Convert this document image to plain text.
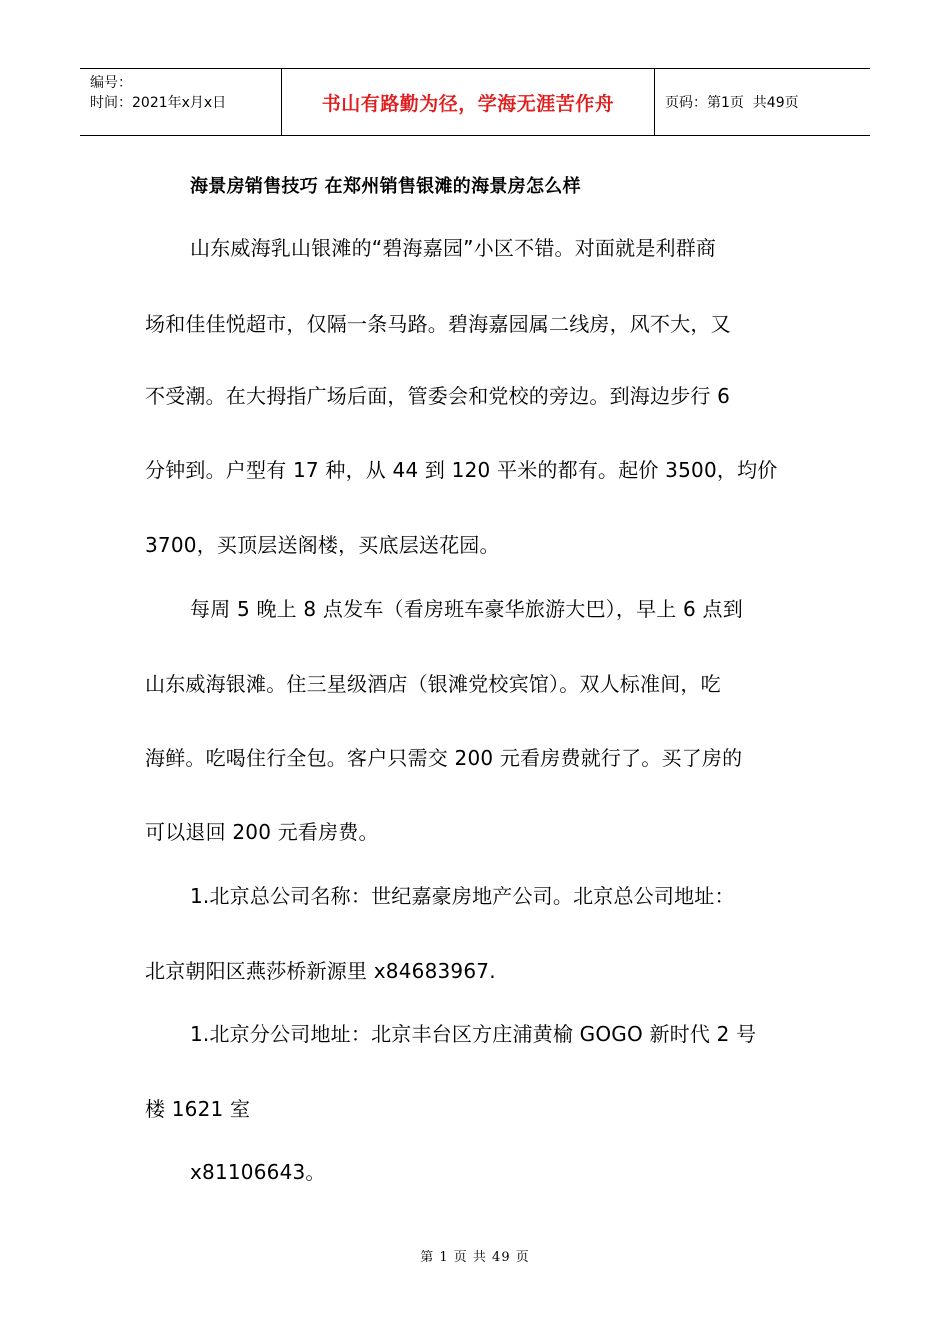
编号：
时间：2021年x月x日	书山有路勤为径，学海无涯苦作舟	页码：第1页  共49页
海景房销售技巧 在郑州销售银滩的海景房怎么样
山东威海乳山银滩的“碧海嘉园”小区不错。对面就是利群商
场和佳佳悦超市，仅隔一条马路。碧海嘉园属二线房，风不大，又
不受潮。在大拇指广场后面，管委会和党校的旁边。到海边步行 6
分钟到。户型有 17 种，从 44 到 120 平米的都有。起价 3500，均价
3700，买顶层送阁楼，买底层送花园。
每周 5 晚上 8 点发车（看房班车豪华旅游大巴），早上 6 点到
山东威海银滩。住三星级酒店（银滩党校宾馆）。双人标准间，吃
海鲜。吃喝住行全包。客户只需交 200 元看房费就行了。买了房的
可以退回 200 元看房费。
1.北京总公司名称：世纪嘉豪房地产公司。北京总公司地址：
北京朝阳区燕莎桥新源里 x84683967.
1.北京分公司地址：北京丰台区方庄浦黄榆 GOGO 新时代 2 号
楼 1621 室
x81106643。
第 1 页 共 49 页
